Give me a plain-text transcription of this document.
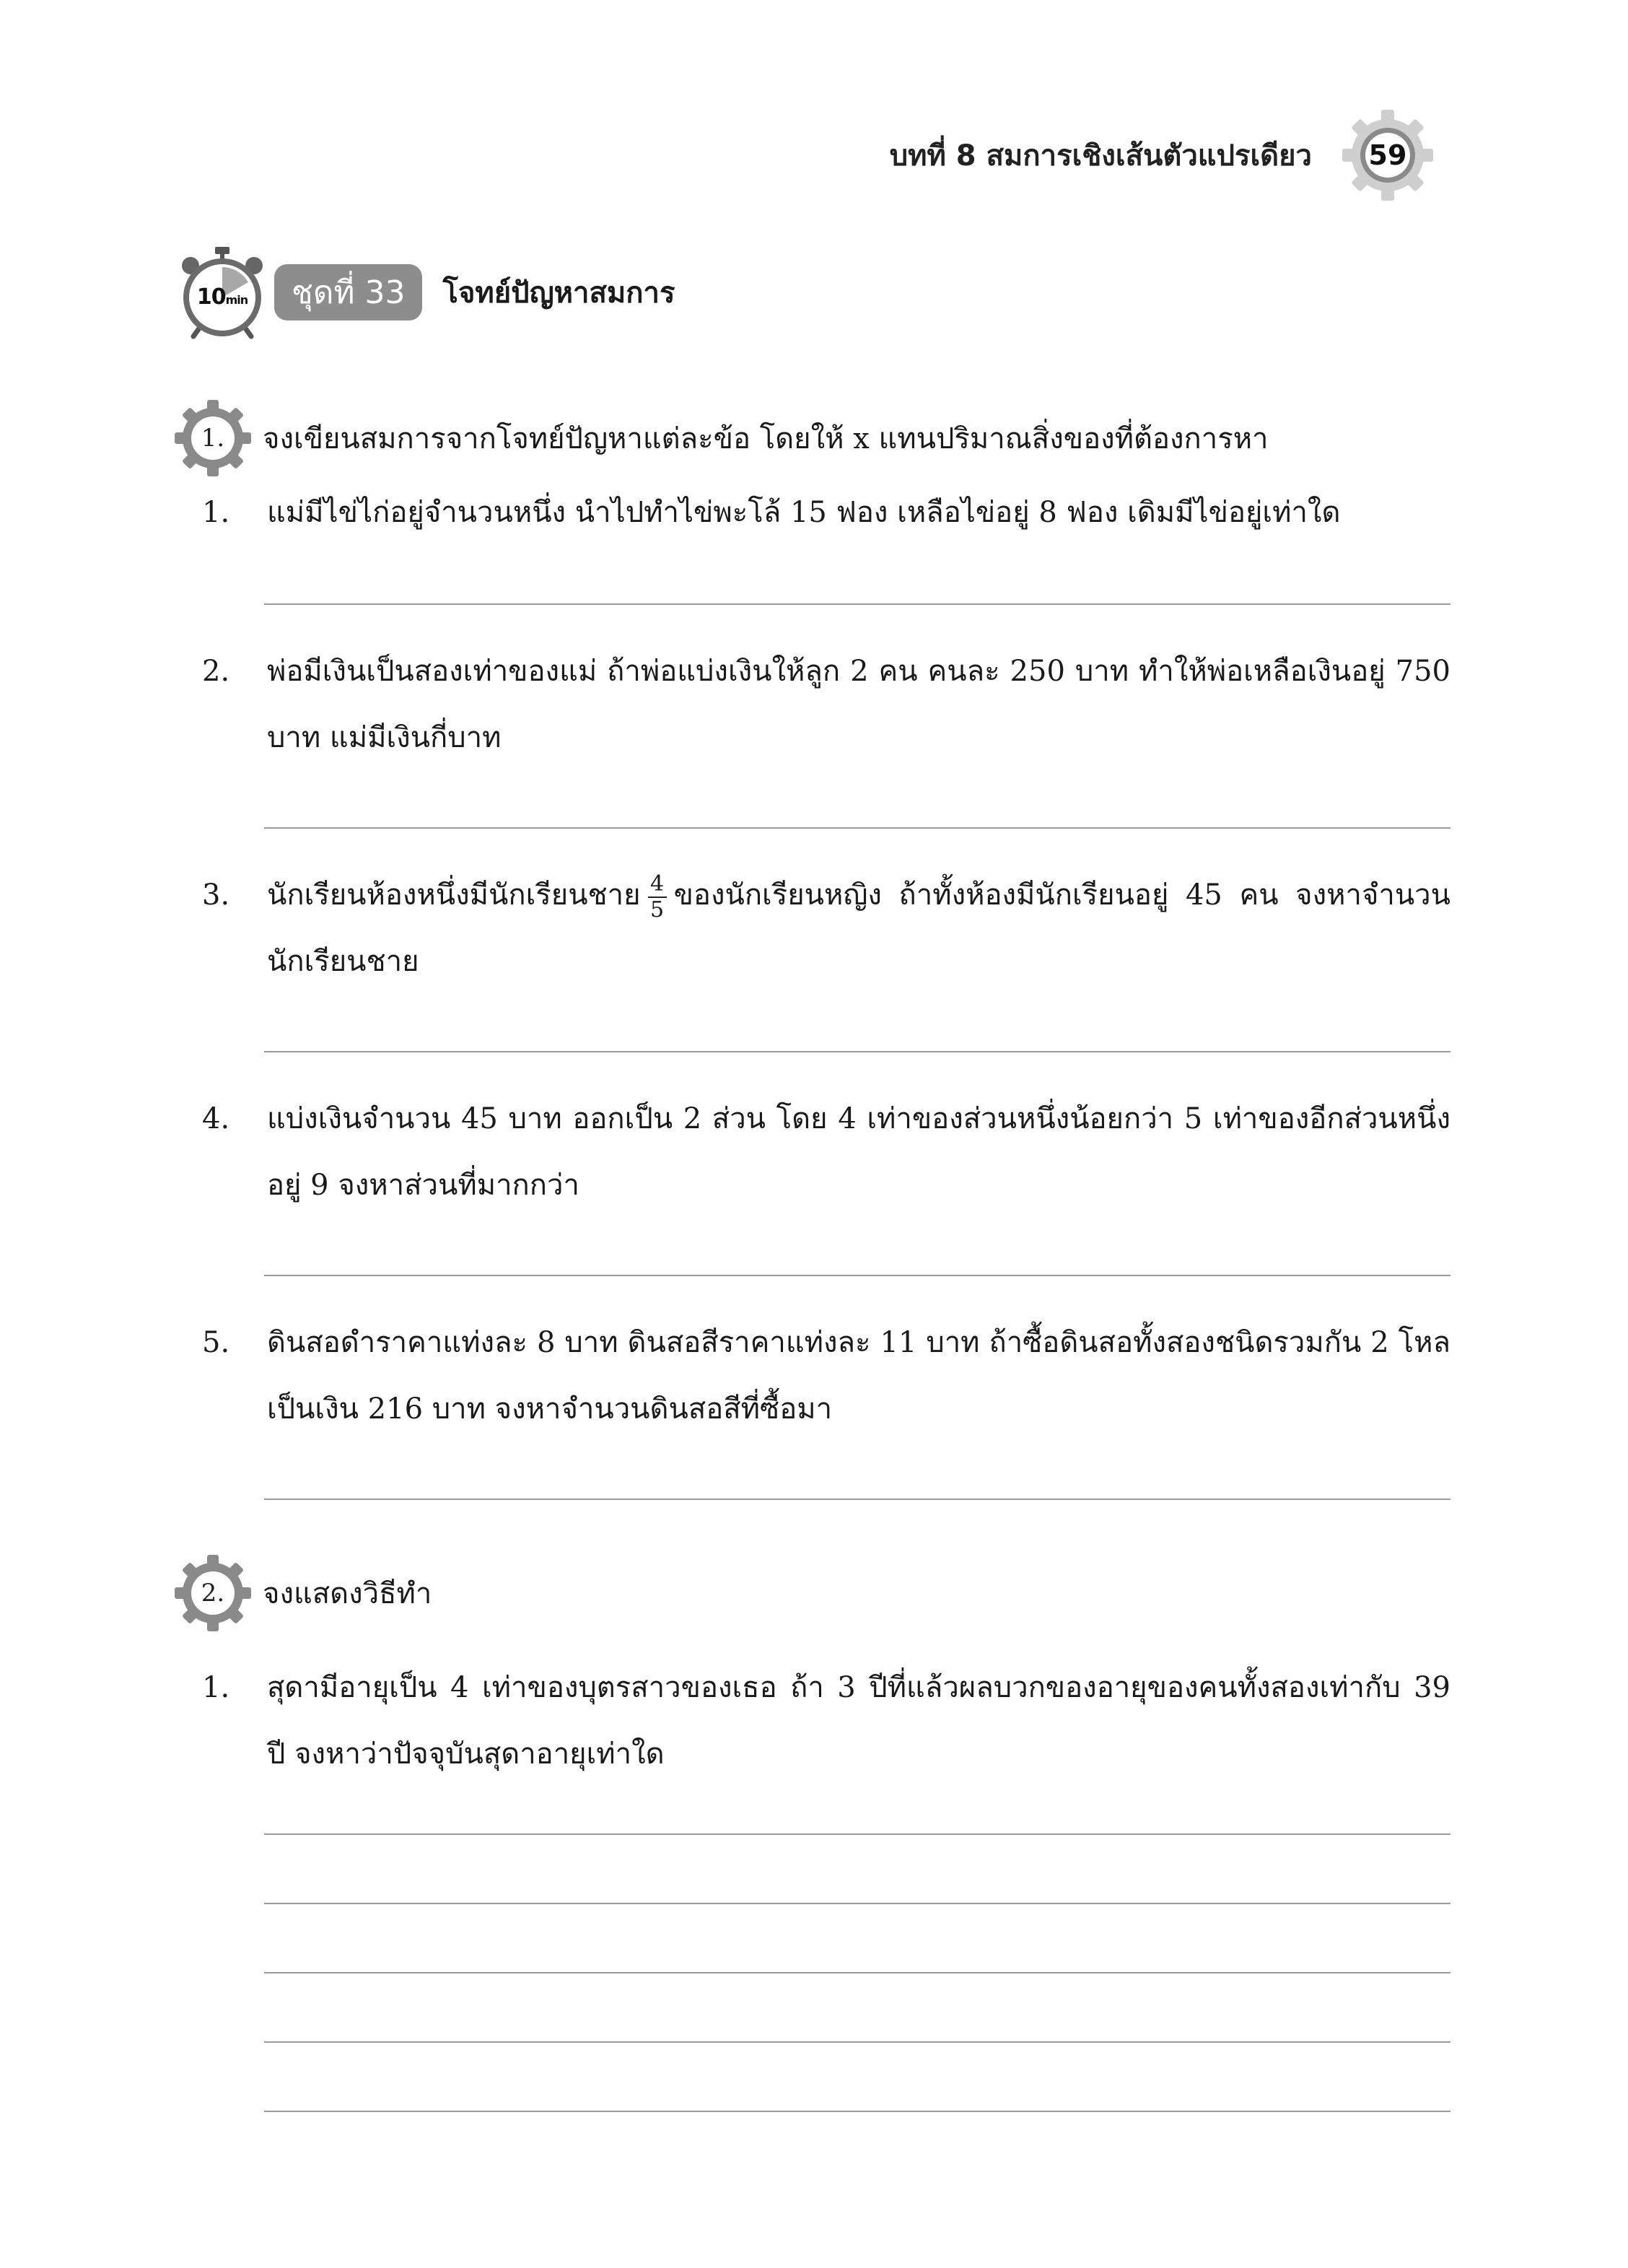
บทที่ 8 สมการเชิงเส้นตัวแปรเดียว	59
10min ชุดที่ 33 โจทย์ปัญหาสมการ
1.	จงเขียนสมการจากโจทย์ปัญหาแต่ละข้อ โดยให้ x แทนปริมาณสิ่งของที่ต้องการหา
1.	แม่มีไข่ไก่อยู่จำนวนหนึ่ง นำไปทำไข่พะโล้ 15 ฟอง เหลือไข่อยู่ 8 ฟอง เดิมมีไข่อยู่เท่าใด
2.	พ่อมีเงินเป็นสองเท่าของแม่ ถ้าพ่อแบ่งเงินให้ลูก 2 คน คนละ 250 บาท ทำให้พ่อเหลือเงินอยู่ 750 บาท แม่มีเงินกี่บาท
3.	นักเรียนห้องหนึ่งมีนักเรียนชาย $\frac{4}{5}$ ของนักเรียนหญิง ถ้าทั้งห้องมีนักเรียนอยู่ 45 คน จงหาจำนวนนักเรียนชาย
4.	แบ่งเงินจำนวน 45 บาท ออกเป็น 2 ส่วน โดย 4 เท่าของส่วนหนึ่งน้อยกว่า 5 เท่าของอีกส่วนหนึ่งอยู่ 9 จงหาส่วนที่มากกว่า
5.	ดินสอดำราคาแท่งละ 8 บาท ดินสอสีราคาแท่งละ 11 บาท ถ้าซื้อดินสอทั้งสองชนิดรวมกัน 2 โหล เป็นเงิน 216 บาท จงหาจำนวนดินสอสีที่ซื้อมา
2.	จงแสดงวิธีทำ
1.	สุดามีอายุเป็น 4 เท่าของบุตรสาวของเธอ ถ้า 3 ปีที่แล้วผลบวกของอายุของคนทั้งสองเท่ากับ 39 ปี จงหาว่าปัจจุบันสุดาอายุเท่าใด
